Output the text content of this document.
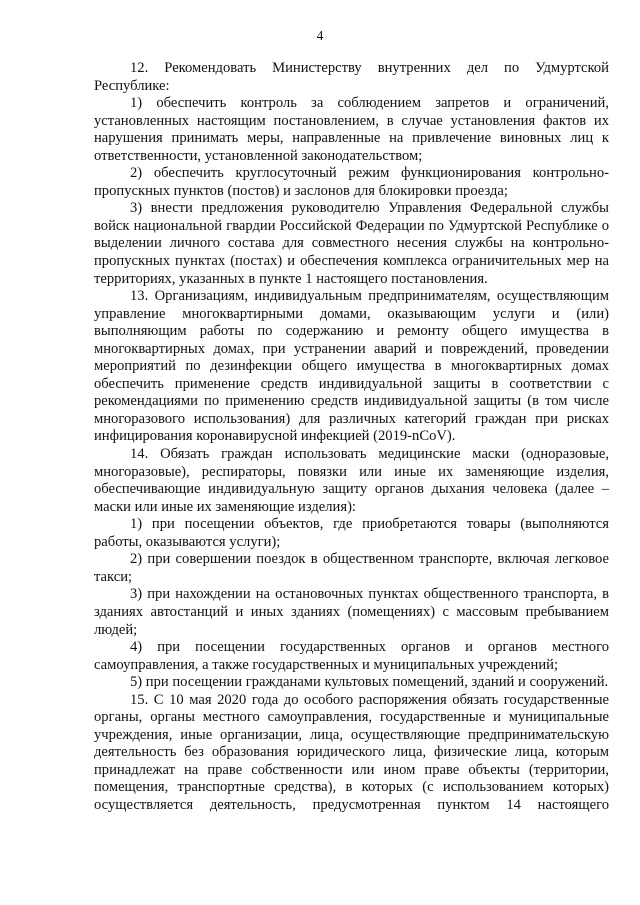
4

12. Рекомендовать Министерству внутренних дел по Удмуртской Республике:

1) обеспечить контроль за соблюдением запретов и ограничений, установленных настоящим постановлением, в случае установления фактов их нарушения принимать меры, направленные на привлечение виновных лиц к ответственности, установленной законодательством;

2) обеспечить круглосуточный режим функционирования контрольно-пропускных пунктов (постов) и заслонов для блокировки проезда;

3) внести предложения руководителю Управления Федеральной службы войск национальной гвардии Российской Федерации по Удмуртской Республике о выделении личного состава для совместного несения службы на контрольно-пропускных пунктах (постах) и обеспечения комплекса ограничительных мер на территориях, указанных в пункте 1 настоящего постановления.

13. Организациям, индивидуальным предпринимателям, осуществляющим управление многоквартирными домами, оказывающим услуги и (или) выполняющим работы по содержанию и ремонту общего имущества в многоквартирных домах, при устранении аварий и повреждений, проведении мероприятий по дезинфекции общего имущества в многоквартирных домах обеспечить применение средств индивидуальной защиты в соответствии с рекомендациями по применению средств индивидуальной защиты (в том числе многоразового использования) для различных категорий граждан при рисках инфицирования коронавирусной инфекцией (2019-nCoV).

14. Обязать граждан использовать медицинские маски (одноразовые, многоразовые), респираторы, повязки или иные их заменяющие изделия, обеспечивающие индивидуальную защиту органов дыхания человека (далее – маски или иные их заменяющие изделия):

1) при посещении объектов, где приобретаются товары (выполняются работы, оказываются услуги);

2) при совершении поездок в общественном транспорте, включая легковое такси;

3) при нахождении на остановочных пунктах общественного транспорта, в зданиях автостанций и иных зданиях (помещениях) с массовым пребыванием людей;

4) при посещении государственных органов и органов местного самоуправления, а также государственных и муниципальных учреждений;

5) при посещении гражданами культовых помещений, зданий и сооружений.

15. С 10 мая 2020 года до особого распоряжения обязать государственные органы, органы местного самоуправления, государственные и муниципальные учреждения, иные организации, лица, осуществляющие предпринимательскую деятельность без образования юридического лица, физические лица, которым принадлежат на праве собственности или ином праве объекты (территории, помещения, транспортные средства), в которых (с использованием которых) осуществляется деятельность, предусмотренная пунктом 14 настоящего
